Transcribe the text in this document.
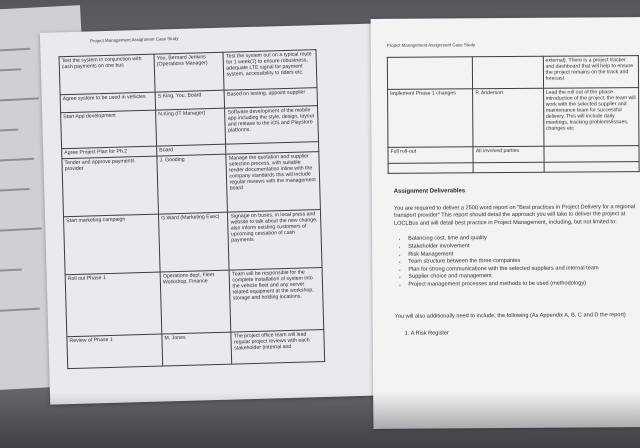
Project Management Assignment Case Study
Test the system in conjunction with cash payments on one bus	You, Bernard Jenkins (Operations Manager)	Test the system out on a typical route for 1 week(7) to ensure robustness, adequate LTE signal for payment system, accessibility to riders etc.
Agree system to be used in vehicles	S.King, You, Board	Based on testing, appoint supplier
Start App development	N.King (IT Manager)	Software development of the mobile app including the style, design, layout and release to the iOS and Playstore platforms.
Agree Project Plan for Ph.2	Board	
Tender and approve payments provider	J. Gooding	Manage the quotation and supplier selection process, with suitable tender documentation inline with the company standards this will include regular reviews with the management board
Start marketing campaign	G.Ward (Marketing Exec)	Signage on buses, in local press and website to talk about the new change, also inform existing customers of upcoming cessation of cash payments
Roll out Phase 1	Operations dept, Fleet Workshop, Finance	Team will be responsible for the complete installation of system into the vehicle fleet and any server related equipment at the workshop, storage and holding locations.
Review of Phase 1	M. Jones	The project office team will lead regular project reviews with each stakeholder (internal and
Project Management Assignment Case Study
		external). There is a project tracker and dashboard that will help to ensure the project remains on the track and forecast
Implement Phase 1 changes	P. Anderson	Lead the roll out of the phase introduction of the project, the team will work with the selected supplier and maintenance team for successful delivery. This will include daily meetings, tracking problems/issues, changes etc
Full roll-out	All involved parties	

Assignment Deliverables

You are required to deliver a 2500 word report on "Best practices in Project Delivery for a regional transport provider" This report should detail the approach you will take to deliver the project at LOCLBus and will detail best practice in Project Management, including, but not limited to:

• Balancing cost, time and quality
• Stakeholder involvement
• Risk Management
• Team structure between the three companies
• Plan for strong communications with the selected suppliers and internal team
• Supplier choice and management
• Project management processes and methods to be used (methodology)

You will also additionally need to include, the following (As Appendix A, B, C and D the report)

1. A Risk Register
